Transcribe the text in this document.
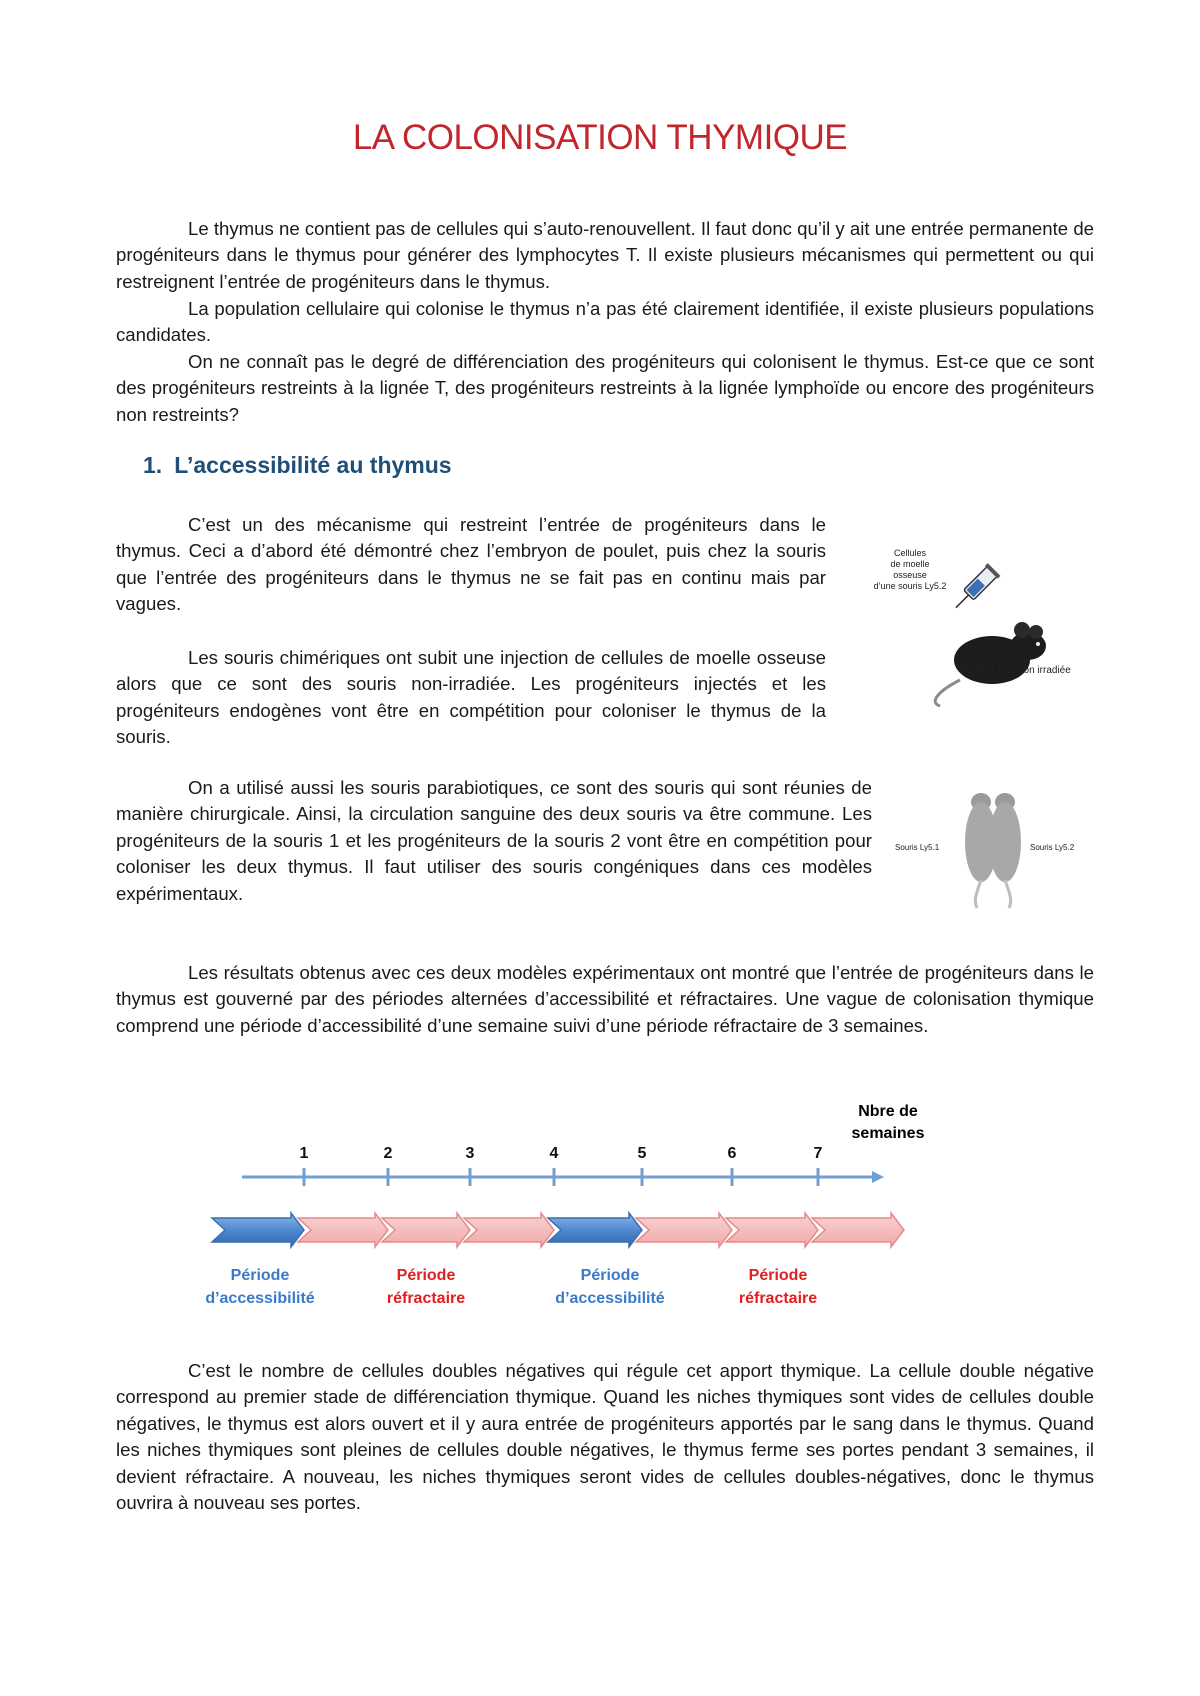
LA COLONISATION THYMIQUE

Le thymus ne contient pas de cellules qui s’auto-renouvellent. Il faut donc qu’il y ait une entrée permanente de progéniteurs dans le thymus pour générer des lymphocytes T. Il existe plusieurs mécanismes qui permettent ou qui restreignent l’entrée de progéniteurs dans le thymus.

La population cellulaire qui colonise le thymus n’a pas été clairement identifiée, il existe plusieurs populations candidates.

On ne connaît pas le degré de différenciation des progéniteurs qui colonisent le thymus. Est-ce que ce sont des progéniteurs restreints à la lignée T, des progéniteurs restreints à la lignée lymphoïde ou encore des progéniteurs non restreints?

1. L’accessibilité au thymus

C’est un des mécanisme qui restreint l’entrée de progéniteurs dans le thymus. Ceci a d’abord été démontré chez l’embryon de poulet, puis chez la souris que l’entrée des progéniteurs dans le thymus ne se fait pas en continu mais par vagues.

Les souris chimériques ont subit une injection de cellules de moelle osseuse alors que ce sont des souris non-irradiée. Les progéniteurs injectés et les progéniteurs endogènes vont être en compétition pour coloniser le thymus de la souris.

On a utilisé aussi les souris parabiotiques, ce sont des souris qui sont réunies de manière chirurgicale. Ainsi, la circulation sanguine des deux souris va être commune. Les progéniteurs de la souris 1 et les progéniteurs de la souris 2 vont être en compétition pour coloniser les deux thymus. Il faut utiliser des souris congéniques dans ces modèles expérimentaux.

Les résultats obtenus avec ces deux modèles expérimentaux ont montré que l’entrée de progéniteurs dans le thymus est gouverné par des périodes alternées d’accessibilité et réfractaires. Une vague de colonisation thymique comprend une période d’accessibilité d’une semaine suivi d’une période réfractaire de 3 semaines.

C’est le nombre de cellules doubles négatives qui régule cet apport thymique. La cellule double négative correspond au premier stade de différenciation thymique. Quand les niches thymiques sont vides de cellules double négatives, le thymus est alors ouvert et il y aura entrée de progéniteurs apportés par le sang dans le thymus. Quand les niches thymiques sont pleines de cellules double négatives, le thymus ferme ses portes pendant 3 semaines, il devient réfractaire. A nouveau, les niches thymiques seront vides de cellules doubles-négatives, donc le thymus ouvrira à nouveau ses portes.

Cellules
de moelle
osseuse
d’une souris Ly5.2
Souris Ly5.1 non irradiée
Souris Ly5.1	Souris Ly5.2
1	2	3	4	5	6	7
Période
d’accessibilité
Période
réfractaire
Période
d’accessibilité
Période
réfractaire
Nbre de
semaines
